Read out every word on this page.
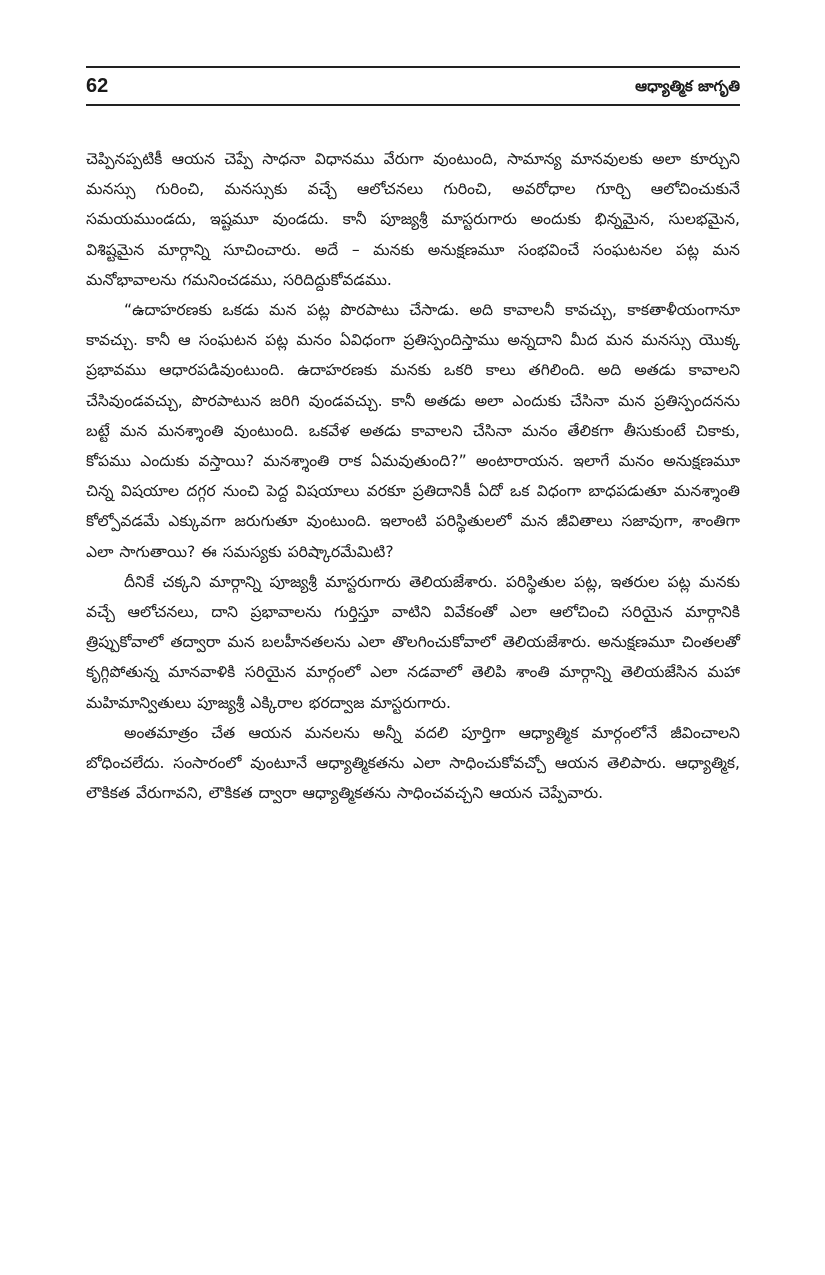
62	ఆధ్యాత్మిక జాగృతి

చెప్పినప్పటికీ ఆయన చెప్పే సాధనా విధానము వేరుగా వుంటుంది, సామాన్య మానవులకు అలా కూర్చుని మనస్సు గురించి, మనస్సుకు వచ్చే ఆలోచనలు గురించి, అవరోధాల గూర్చి ఆలోచించుకునే సమయముండదు, ఇష్టమూ వుండదు. కానీ పూజ్యశ్రీ మాస్టరుగారు అందుకు భిన్నమైన, సులభమైన, విశిష్టమైన మార్గాన్ని సూచించారు. అదే – మనకు అనుక్షణమూ సంభవించే సంఘటనల పట్ల మన మనోభావాలను గమనించడము, సరిదిద్దుకోవడము.

“ఉదాహరణకు ఒకడు మన పట్ల పొరపాటు చేసాడు. అది కావాలనీ కావచ్చు, కాకతాళీయంగానూ కావచ్చు. కానీ ఆ సంఘటన పట్ల మనం ఏవిధంగా ప్రతిస్పందిస్తాము అన్నదాని మీద మన మనస్సు యొక్క ప్రభావము ఆధారపడివుంటుంది. ఉదాహరణకు మనకు ఒకరి కాలు తగిలింది. అది అతడు కావాలని చేసివుండవచ్చు, పొరపాటున జరిగి వుండవచ్చు. కానీ అతడు అలా ఎందుకు చేసినా మన ప్రతిస్పందనను బట్టే మన మనశ్శాంతి వుంటుంది. ఒకవేళ అతడు కావాలని చేసినా మనం తేలికగా తీసుకుంటే చికాకు, కోపము ఎందుకు వస్తాయి? మనశ్శాంతి రాక ఏమవుతుంది?” అంటారాయన. ఇలాగే మనం అనుక్షణమూ చిన్న విషయాల దగ్గర నుంచి పెద్ద విషయాలు వరకూ ప్రతిదానికీ ఏదో ఒక విధంగా బాధపడుతూ మనశ్శాంతి కోల్పోవడమే ఎక్కువగా జరుగుతూ వుంటుంది. ఇలాంటి పరిస్థితులలో మన జీవితాలు సజావుగా, శాంతిగా ఎలా సాగుతాయి? ఈ సమస్యకు పరిష్కారమేమిటి?

దీనికే చక్కని మార్గాన్ని పూజ్యశ్రీ మాస్టరుగారు తెలియజేశారు. పరిస్థితుల పట్ల, ఇతరుల పట్ల మనకు వచ్చే ఆలోచనలు, దాని ప్రభావాలను గుర్తిస్తూ వాటిని వివేకంతో ఎలా ఆలోచించి సరియైన మార్గానికి త్రిప్పుకోవాలో తద్వారా మన బలహీనతలను ఎలా తొలగించుకోవాలో తెలియజేశారు. అనుక్షణమూ చింతలతో కృగ్గిపోతున్న మానవాళికి సరియైన మార్గంలో ఎలా నడవాలో తెలిపి శాంతి మార్గాన్ని తెలియజేసిన మహా మహిమాన్వితులు పూజ్యశ్రీ ఎక్కిరాల భరద్వాజ మాస్టరుగారు.

అంతమాత్రం చేత ఆయన మనలను అన్నీ వదలి పూర్తిగా ఆధ్యాత్మిక మార్గంలోనే జీవించాలని బోధించలేదు. సంసారంలో వుంటూనే ఆధ్యాత్మికతను ఎలా సాధించుకోవచ్చో ఆయన తెలిపారు. ఆధ్యాత్మిక, లౌకికత వేరుగావని, లౌకికత ద్వారా ఆధ్యాత్మికతను సాధించవచ్చని ఆయన చెప్పేవారు.
